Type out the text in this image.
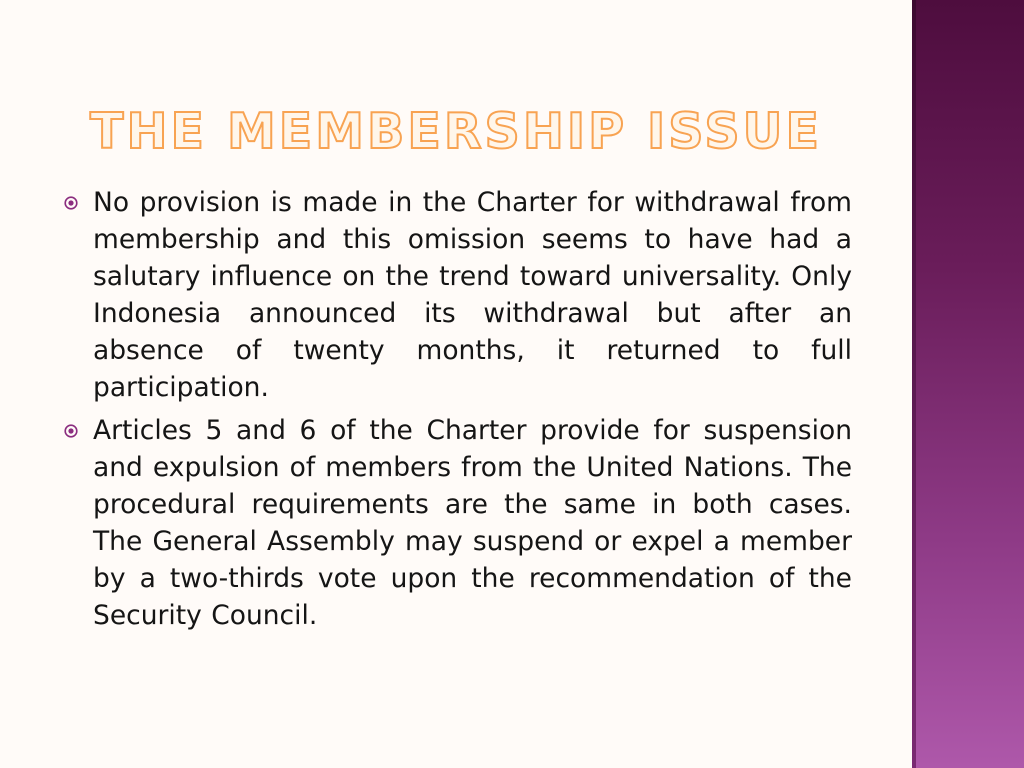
THE MEMBERSHIP ISSUE
No provision is made in the Charter for withdrawal from membership and this omission seems to have had a salutary influence on the trend toward universality. Only Indonesia announced its withdrawal but after an absence of twenty months, it returned to full participation.
Articles 5 and 6 of the Charter provide for suspension and expulsion of members from the United Nations. The procedural requirements are the same in both cases. The General Assembly may suspend or expel a member by a two-thirds vote upon the recommendation of the Security Council.
